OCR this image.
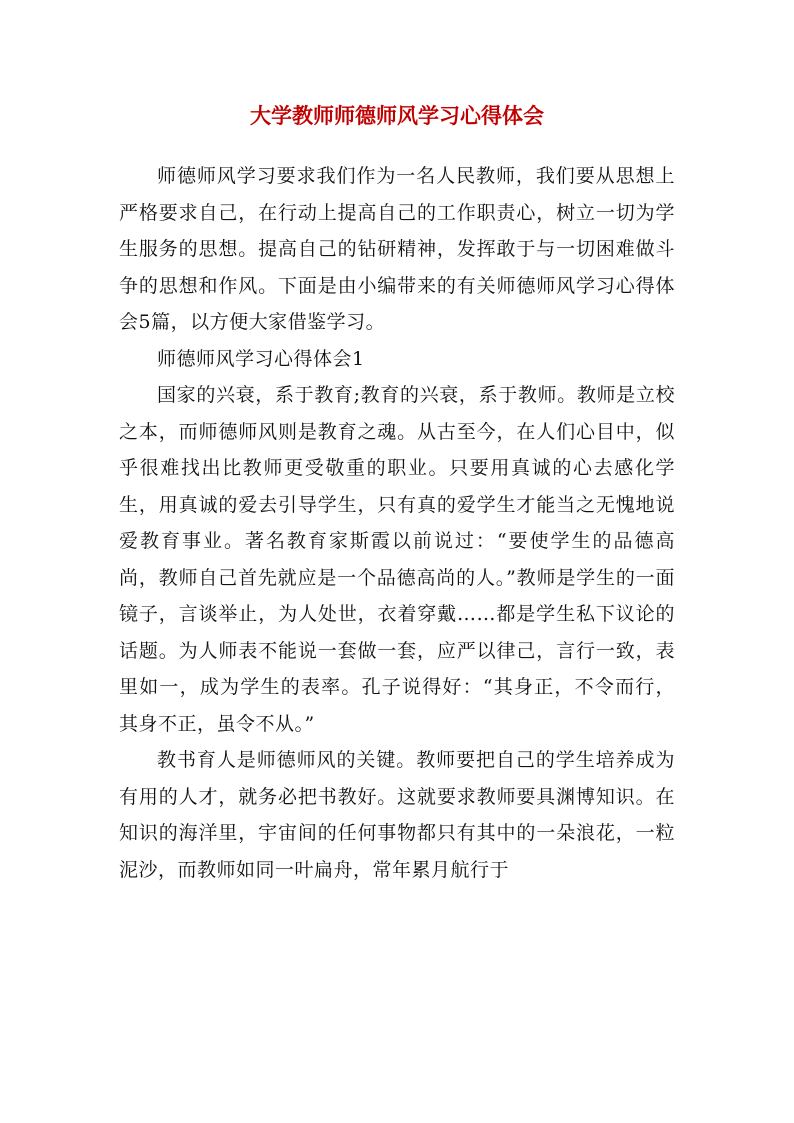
大学教师师德师风学习心得体会

师德师风学习要求我们作为一名人民教师，我们要从思想上严格要求自己，在行动上提高自己的工作职责心，树立一切为学生服务的思想。提高自己的钻研精神，发挥敢于与一切困难做斗争的思想和作风。下面是由小编带来的有关师德师风学习心得体会5篇，以方便大家借鉴学习。

师德师风学习心得体会1

国家的兴衰，系于教育;教育的兴衰，系于教师。教师是立校之本，而师德师风则是教育之魂。从古至今，在人们心目中，似乎很难找出比教师更受敬重的职业。只要用真诚的心去感化学生，用真诚的爱去引导学生，只有真的爱学生才能当之无愧地说爱教育事业。著名教育家斯霞以前说过：“要使学生的品德高尚，教师自己首先就应是一个品德高尚的人。”教师是学生的一面镜子，言谈举止，为人处世，衣着穿戴……都是学生私下议论的话题。为人师表不能说一套做一套，应严以律己，言行一致，表里如一，成为学生的表率。孔子说得好：“其身正，不令而行，其身不正，虽令不从。”

教书育人是师德师风的关键。教师要把自己的学生培养成为有用的人才，就务必把书教好。这就要求教师要具渊博知识。在知识的海洋里，宇宙间的任何事物都只有其中的一朵浪花，一粒泥沙，而教师如同一叶扁舟，常年累月航行于
